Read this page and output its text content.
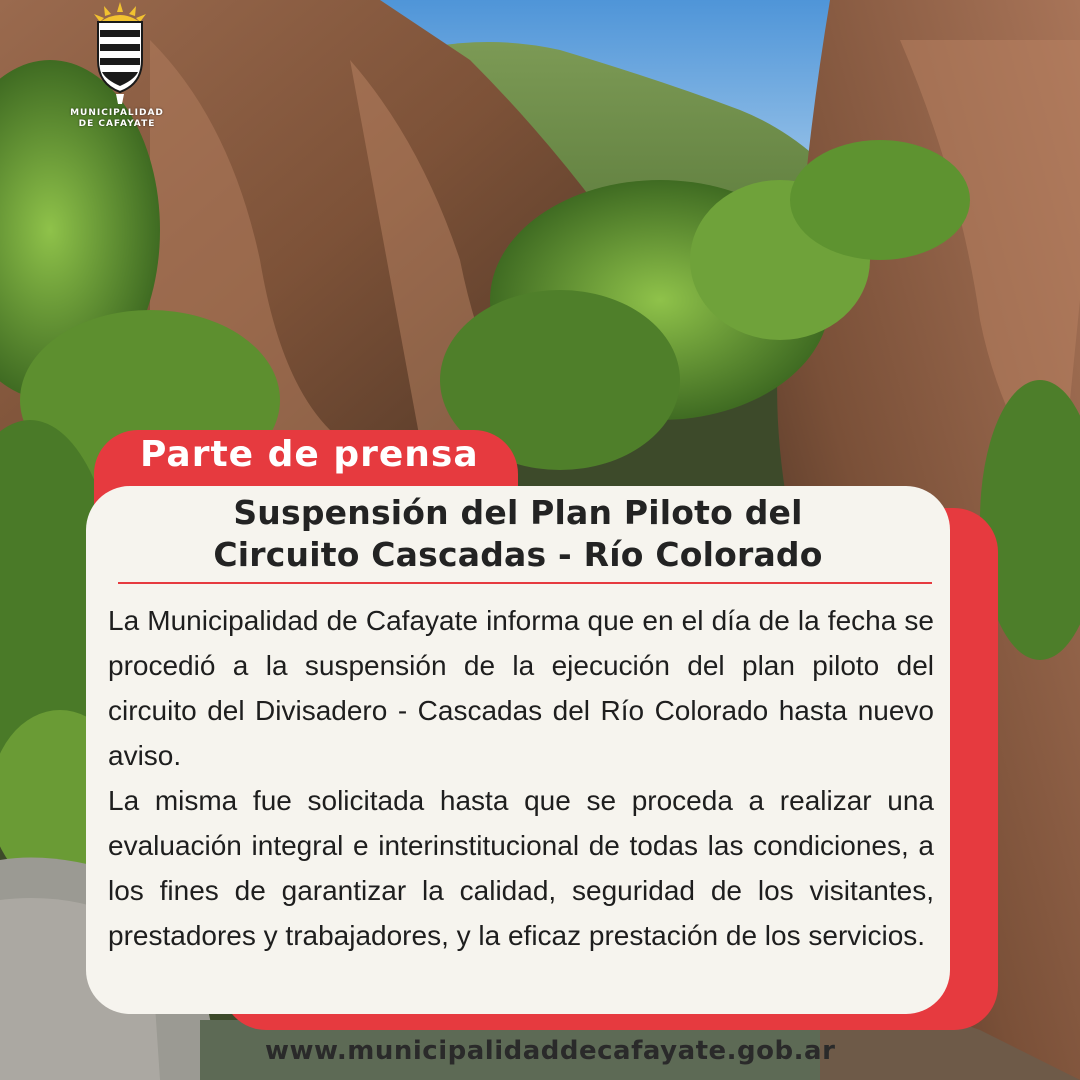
MUNICIPALIDAD
DE CAFAYATE
Parte de prensa
Suspensión del Plan Piloto del
Circuito Cascadas - Río Colorado

La Municipalidad de Cafayate informa que en el día de la fecha se procedió a la suspensión de la ejecución del plan piloto del circuito del Divisadero - Cascadas del Río Colorado hasta nuevo aviso.

La misma fue solicitada hasta que se proceda a realizar una evaluación integral e interinstitucional de todas las condiciones, a los fines de garantizar la calidad, seguridad de los visitantes, prestadores y trabajadores, y la eficaz prestación de los servicios.

www.municipalidaddecafayate.gob.ar
